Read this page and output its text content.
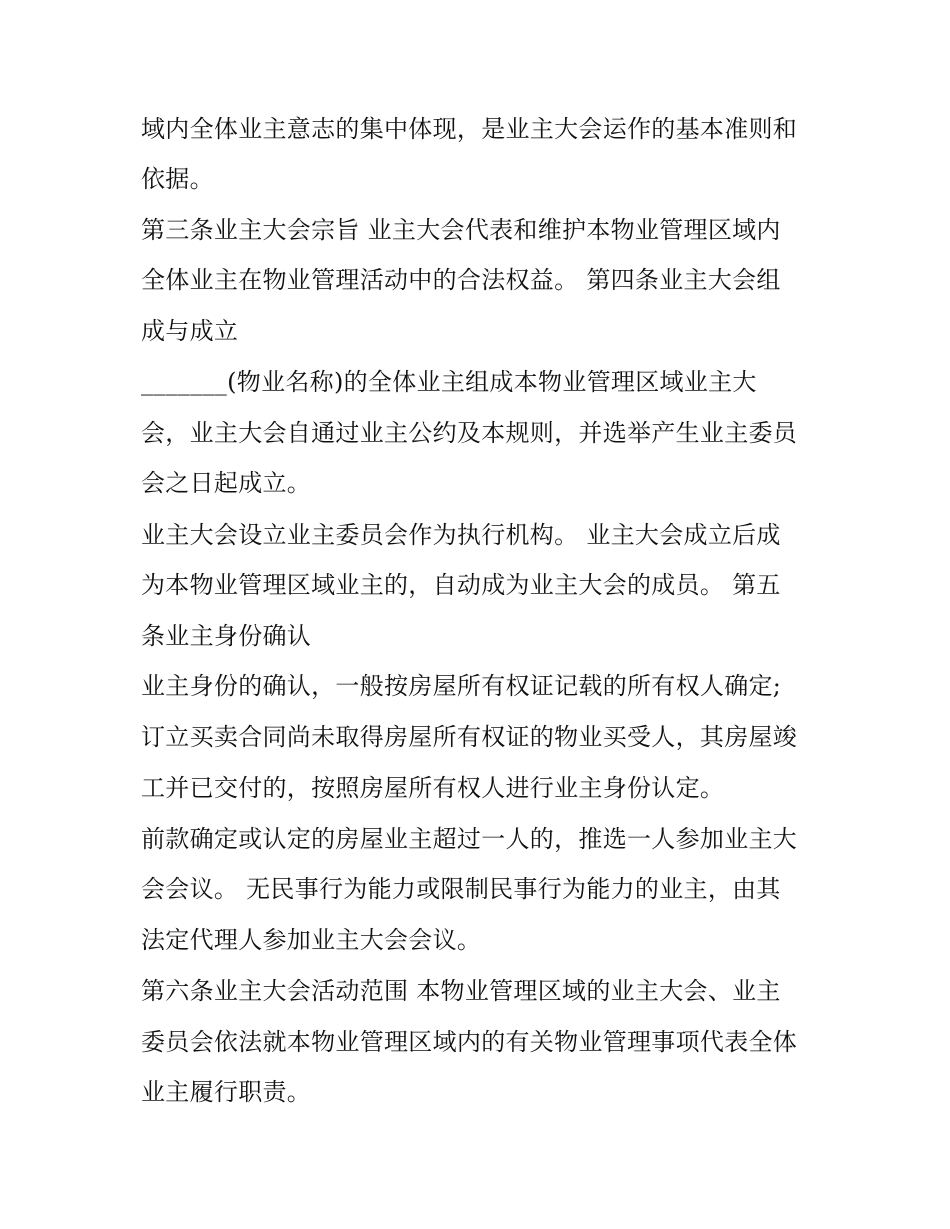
域内全体业主意志的集中体现，是业主大会运作的基本准则和
依据。
第三条业主大会宗旨 业主大会代表和维护本物业管理区域内
全体业主在物业管理活动中的合法权益。 第四条业主大会组
成与成立
_______(物业名称)的全体业主组成本物业管理区域业主大
会，业主大会自通过业主公约及本规则，并选举产生业主委员
会之日起成立。
业主大会设立业主委员会作为执行机构。 业主大会成立后成
为本物业管理区域业主的，自动成为业主大会的成员。 第五
条业主身份确认
业主身份的确认，一般按房屋所有权证记载的所有权人确定;
订立买卖合同尚未取得房屋所有权证的物业买受人，其房屋竣
工并已交付的，按照房屋所有权人进行业主身份认定。
前款确定或认定的房屋业主超过一人的，推选一人参加业主大
会会议。 无民事行为能力或限制民事行为能力的业主，由其
法定代理人参加业主大会会议。
第六条业主大会活动范围 本物业管理区域的业主大会、业主
委员会依法就本物业管理区域内的有关物业管理事项代表全体
业主履行职责。
